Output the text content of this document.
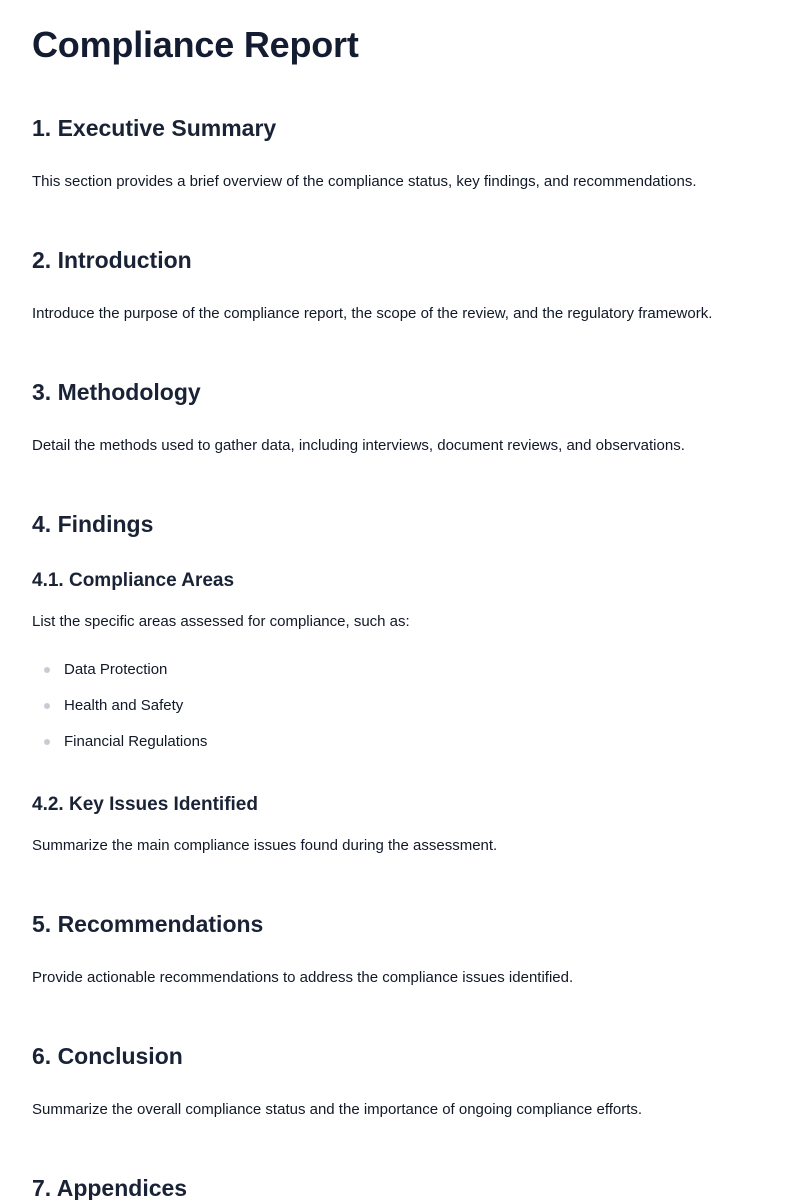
Compliance Report
1. Executive Summary

This section provides a brief overview of the compliance status, key findings, and recommendations.

2. Introduction

Introduce the purpose of the compliance report, the scope of the review, and the regulatory framework.

3. Methodology

Detail the methods used to gather data, including interviews, document reviews, and observations.

4. Findings
4.1. Compliance Areas

List the specific areas assessed for compliance, such as:

Data Protection
Health and Safety
Financial Regulations
4.2. Key Issues Identified

Summarize the main compliance issues found during the assessment.

5. Recommendations

Provide actionable recommendations to address the compliance issues identified.

6. Conclusion

Summarize the overall compliance status and the importance of ongoing compliance efforts.

7. Appendices
